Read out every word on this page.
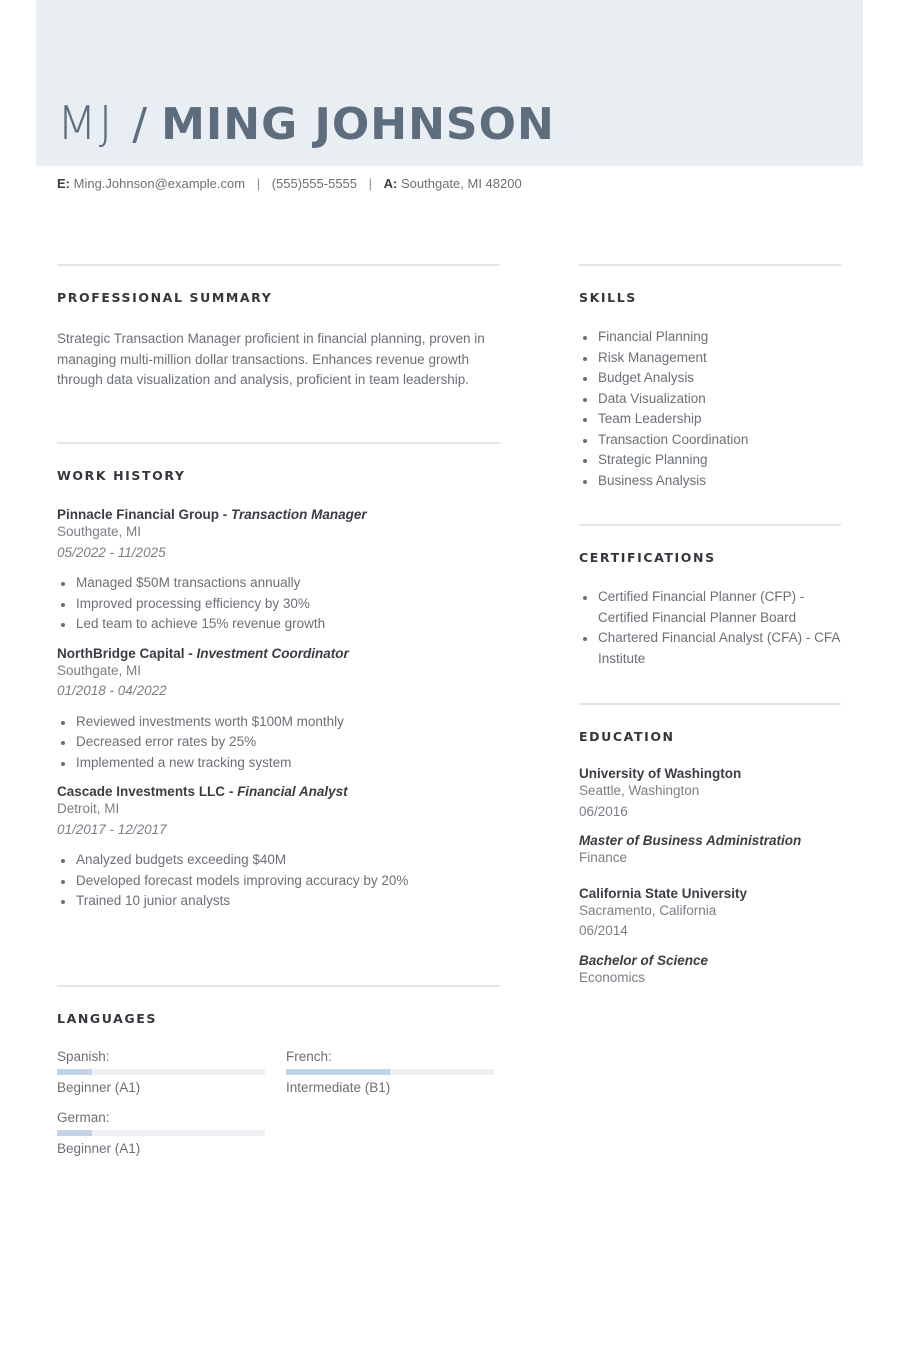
MJ / MING JOHNSON
E: Ming.Johnson@example.com | (555)555-5555 | A: Southgate, MI 48200
PROFESSIONAL SUMMARY

Strategic Transaction Manager proficient in financial planning, proven in managing multi-million dollar transactions. Enhances revenue growth through data visualization and analysis, proficient in team leadership.

WORK HISTORY
Pinnacle Financial Group - Transaction Manager
Southgate, MI
05/2022 - 11/2025
Managed $50M transactions annually
Improved processing efficiency by 30%
Led team to achieve 15% revenue growth
NorthBridge Capital - Investment Coordinator
Southgate, MI
01/2018 - 04/2022
Reviewed investments worth $100M monthly
Decreased error rates by 25%
Implemented a new tracking system
Cascade Investments LLC - Financial Analyst
Detroit, MI
01/2017 - 12/2017
Analyzed budgets exceeding $40M
Developed forecast models improving accuracy by 20%
Trained 10 junior analysts
LANGUAGES
Spanish:
Beginner (A1)
French:
Intermediate (B1)
German:
Beginner (A1)
SKILLS
Financial Planning
Risk Management
Budget Analysis
Data Visualization
Team Leadership
Transaction Coordination
Strategic Planning
Business Analysis
CERTIFICATIONS
Certified Financial Planner (CFP) - Certified Financial Planner Board
Chartered Financial Analyst (CFA) - CFA Institute
EDUCATION
University of Washington
Seattle, Washington
06/2016
Master of Business Administration
Finance
California State University
Sacramento, California
06/2014
Bachelor of Science
Economics
